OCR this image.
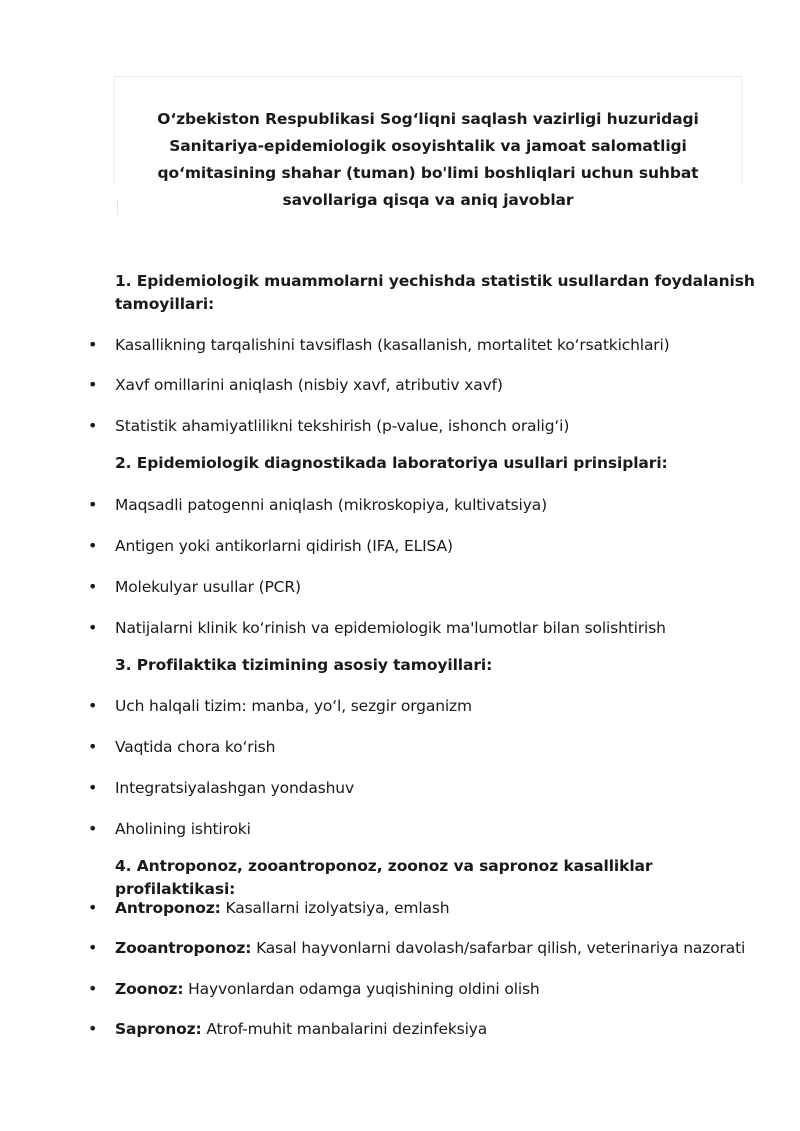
O‘zbekiston Respublikasi Sog‘liqni saqlash vazirligi huzuridagi Sanitariya-epidemiologik osoyishtalik va jamoat salomatligi qo‘mitasining shahar (tuman) bo'limi boshliqlari uchun suhbat savollariga qisqa va aniq javoblar

1. Epidemiologik muammolarni yechishda statistik usullardan foydalanish tamoyillari:

• Kasallikning tarqalishini tavsiflash (kasallanish, mortalitet ko‘rsatkichlari)
• Xavf omillarini aniqlash (nisbiy xavf, atributiv xavf)
• Statistik ahamiyatlilikni tekshirish (p-value, ishonch oralig‘i)

2. Epidemiologik diagnostikada laboratoriya usullari prinsiplari:

• Maqsadli patogenni aniqlash (mikroskopiya, kultivatsiya)
• Antigen yoki antikorlarni qidirish (IFA, ELISA)
• Molekulyar usullar (PCR)
• Natijalarni klinik ko‘rinish va epidemiologik ma'lumotlar bilan solishtirish

3. Profilaktika tizimining asosiy tamoyillari:

• Uch halqali tizim: manba, yo‘l, sezgir organizm
• Vaqtida chora ko‘rish
• Integratsiyalashgan yondashuv
• Aholining ishtiroki

4. Antroponoz, zooantroponoz, zoonoz va sapronoz kasalliklar profilaktikasi:

• Antroponoz: Kasallarni izolyatsiya, emlash
• Zooantroponoz: Kasal hayvonlarni davolash/safarbar qilish, veterinariya nazorati
• Zoonoz: Hayvonlardan odamga yuqishining oldini olish
• Sapronoz: Atrof-muhit manbalarini dezinfeksiya
